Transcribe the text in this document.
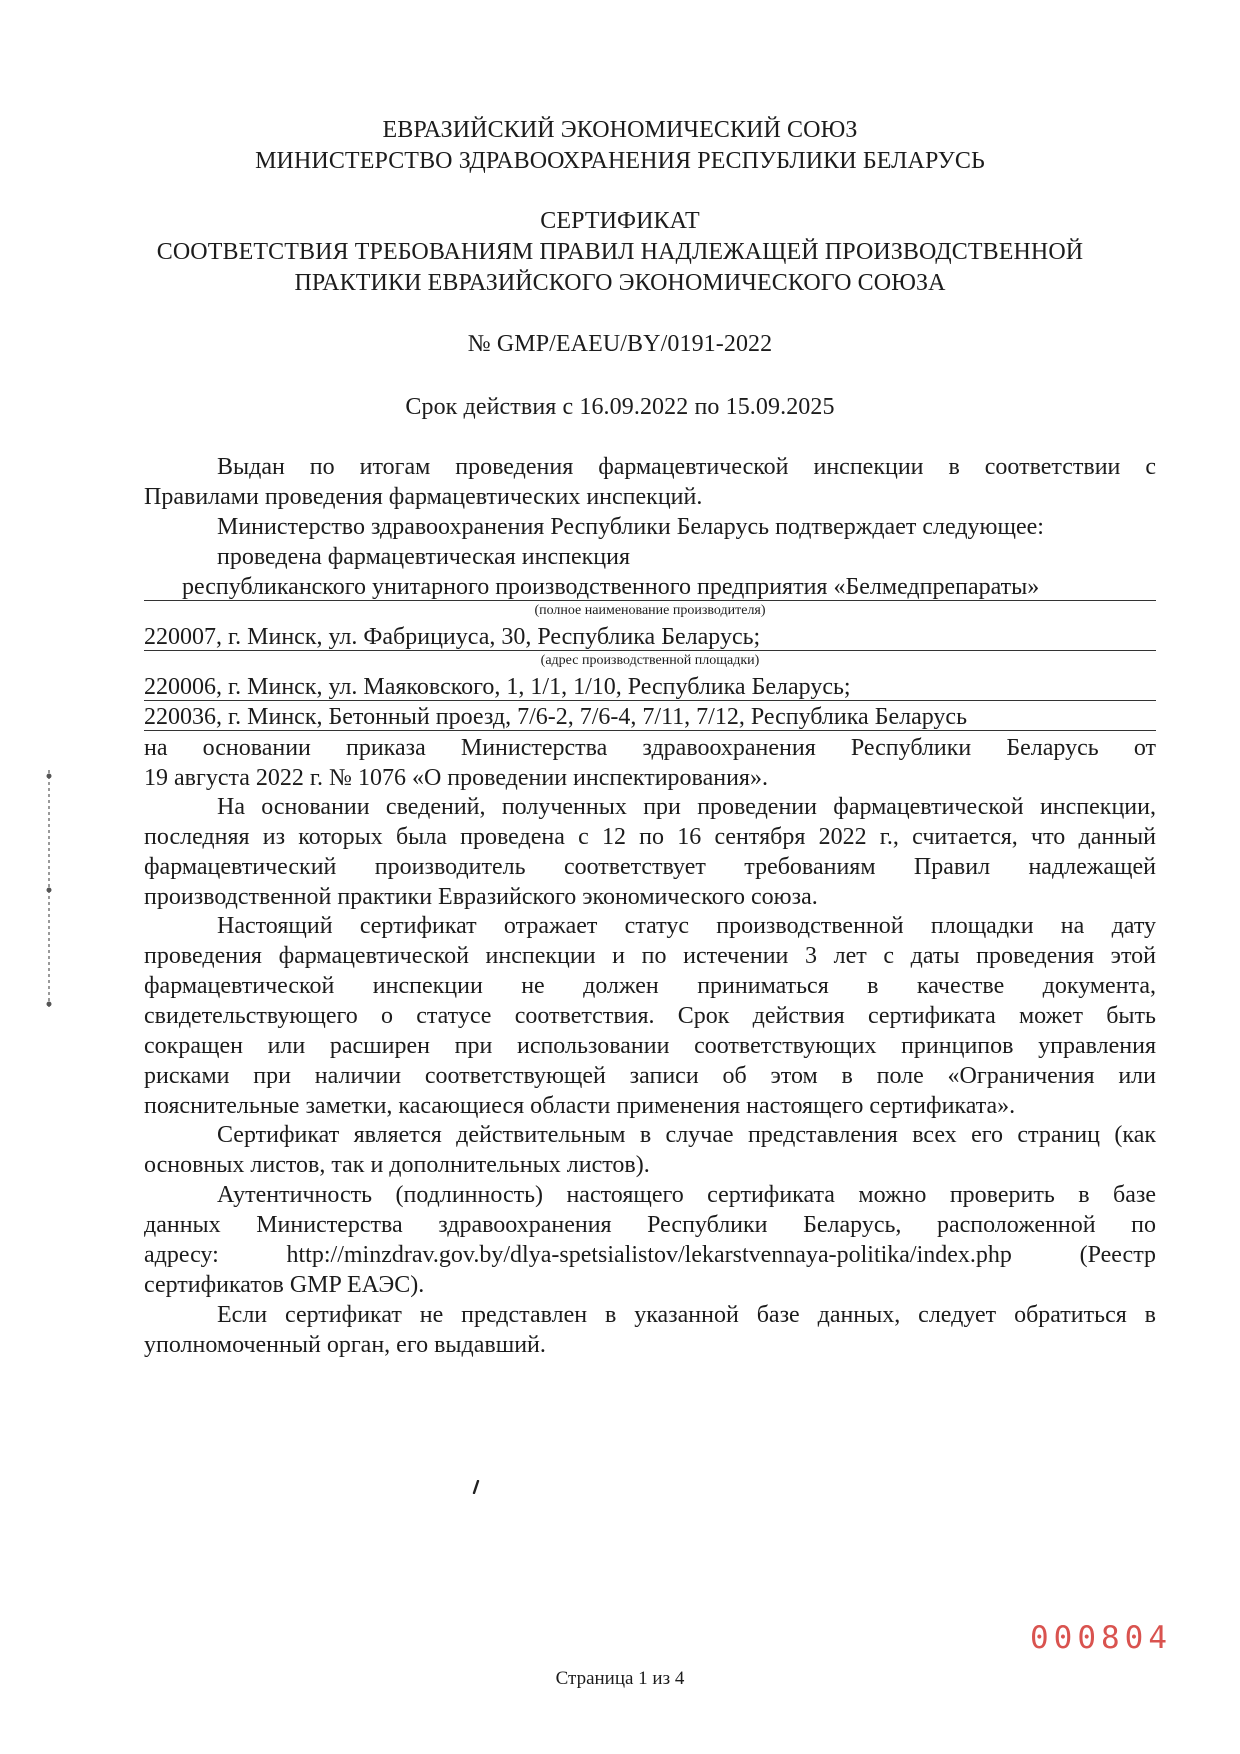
ЕВРАЗИЙСКИЙ ЭКОНОМИЧЕСКИЙ СОЮЗ
МИНИСТЕРСТВО ЗДРАВООХРАНЕНИЯ РЕСПУБЛИКИ БЕЛАРУСЬ
СЕРТИФИКАТ
СООТВЕТСТВИЯ ТРЕБОВАНИЯМ ПРАВИЛ НАДЛЕЖАЩЕЙ ПРОИЗВОДСТВЕННОЙ
ПРАКТИКИ ЕВРАЗИЙСКОГО ЭКОНОМИЧЕСКОГО СОЮЗА
№ GMP/EAEU/BY/0191-2022
Срок действия с 16.09.2022 по 15.09.2025
Выдан по итогам проведения фармацевтической инспекции в соответствии с
Правилами проведения фармацевтических инспекций.
Министерство здравоохранения Республики Беларусь подтверждает следующее:
проведена фармацевтическая инспекция
республиканского унитарного производственного предприятия «Белмедпрепараты»
(полное наименование производителя)
220007, г. Минск, ул. Фабрициуса, 30, Республика Беларусь;
(адрес производственной площадки)
220006, г. Минск, ул. Маяковского, 1, 1/1, 1/10, Республика Беларусь;
220036, г. Минск, Бетонный проезд, 7/6-2, 7/6-4, 7/11, 7/12, Республика Беларусь
на основании приказа Министерства здравоохранения Республики Беларусь от
19 августа 2022 г. № 1076 «О проведении инспектирования».
На основании сведений, полученных при проведении фармацевтической инспекции,
последняя из которых была проведена с 12 по 16 сентября 2022 г., считается, что данный
фармацевтический производитель соответствует требованиям Правил надлежащей
производственной практики Евразийского экономического союза.
Настоящий сертификат отражает статус производственной площадки на дату
проведения фармацевтической инспекции и по истечении 3 лет с даты проведения этой
фармацевтической инспекции не должен приниматься в качестве документа,
свидетельствующего о статусе соответствия. Срок действия сертификата может быть
сокращен или расширен при использовании соответствующих принципов управления
рисками при наличии соответствующей записи об этом в поле «Ограничения или
пояснительные заметки, касающиеся области применения настоящего сертификата».
Сертификат является действительным в случае представления всех его страниц (как
основных листов, так и дополнительных листов).
Аутентичность (подлинность) настоящего сертификата можно проверить в базе
данных Министерства здравоохранения Республики Беларусь, расположенной по
адресу:	http://minzdrav.gov.by/dlya-spetsialistov/lekarstvennaya-politika/index.php	(Реестр
сертификатов GMP ЕАЭС).
Если сертификат не представлен в указанной базе данных, следует обратиться в
уполномоченный орган, его выдавший.
000804
Страница 1 из 4
